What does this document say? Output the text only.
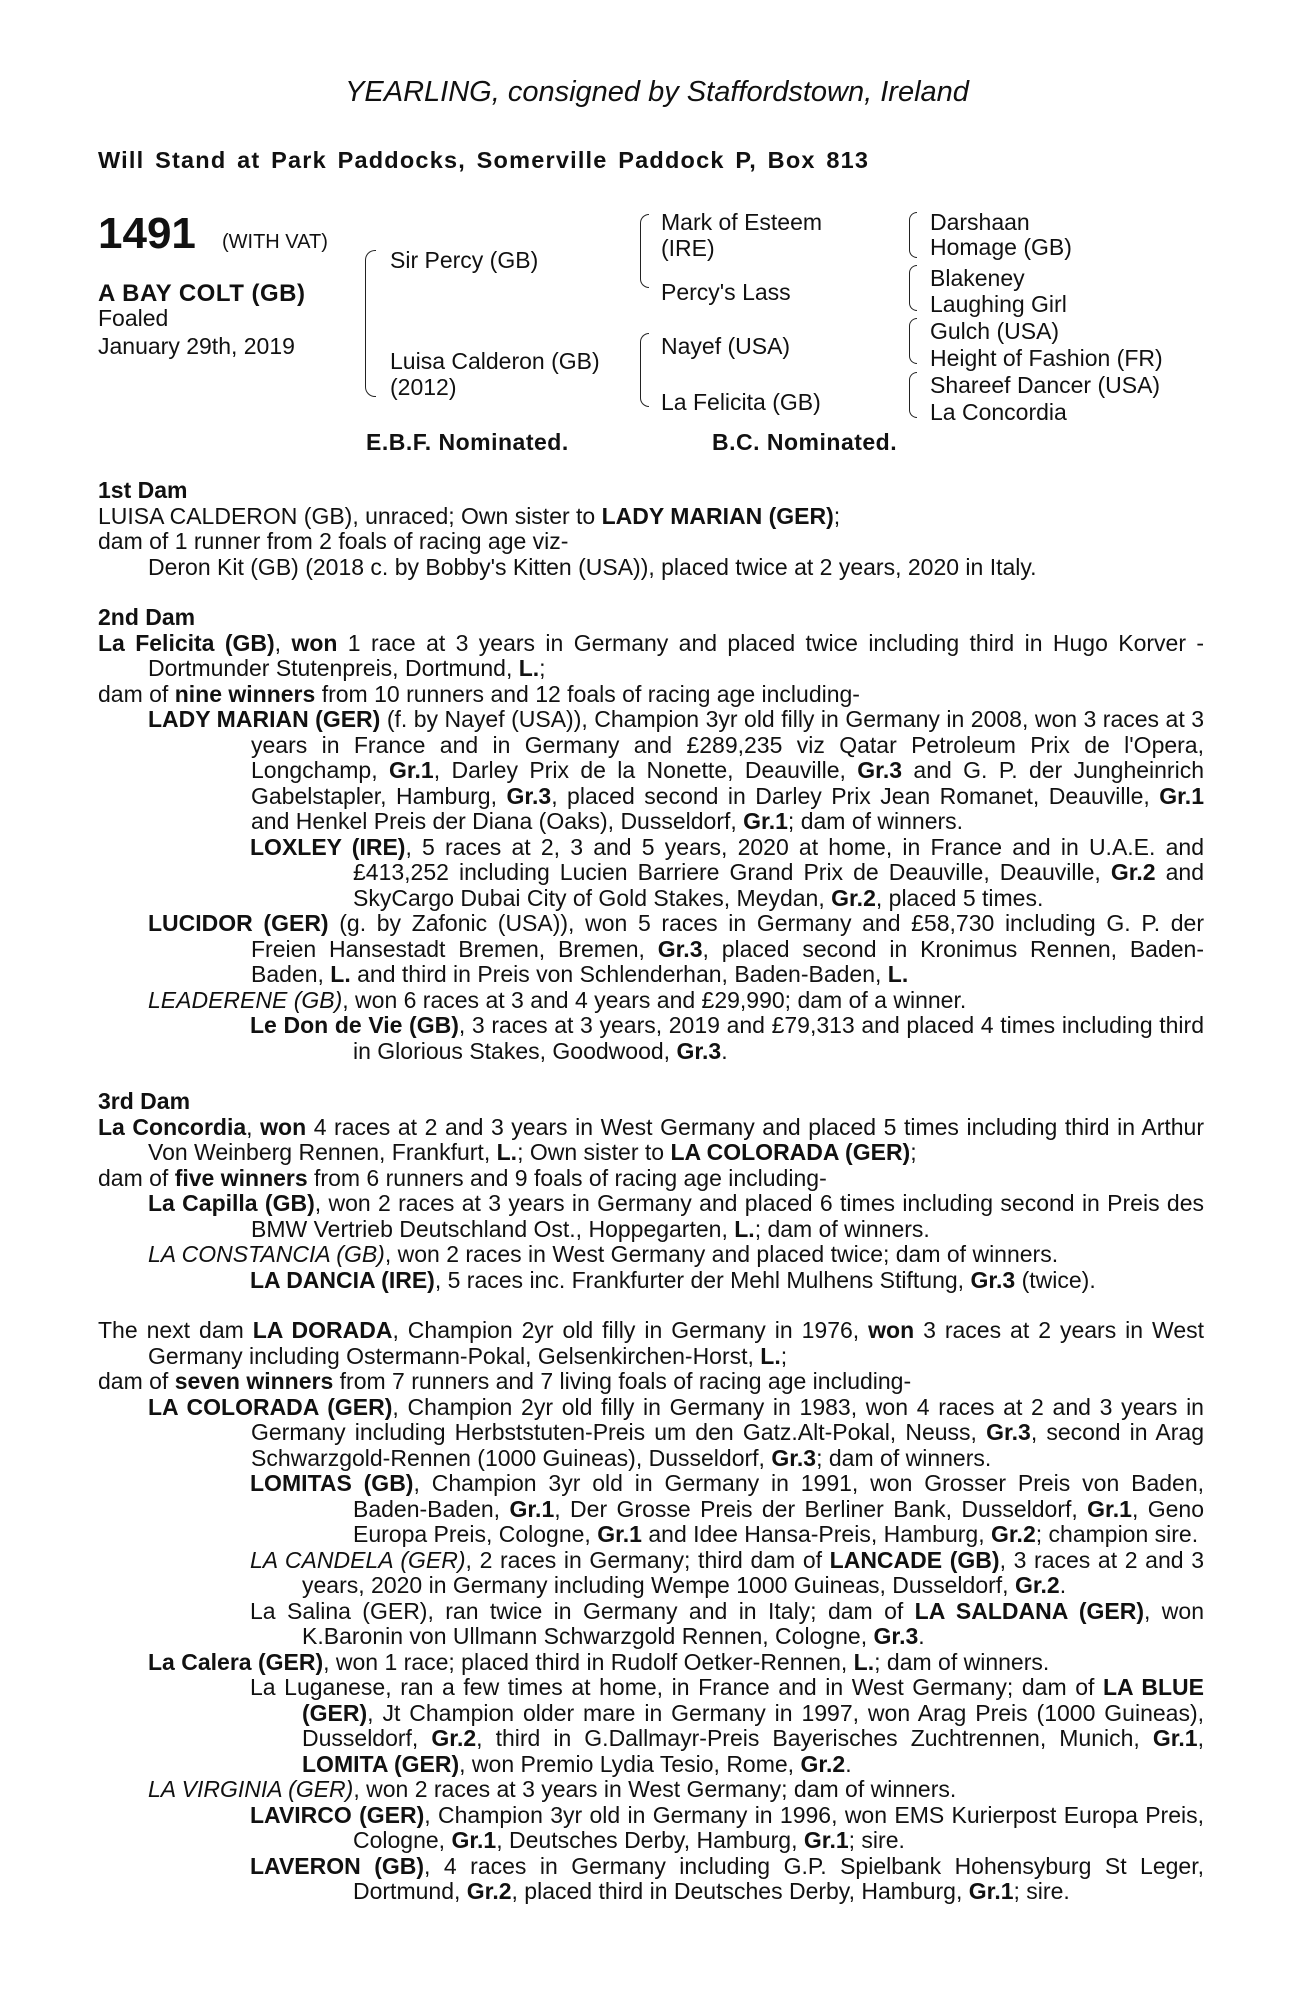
YEARLING, consigned by Staffordstown, Ireland
Will Stand at Park Paddocks, Somerville Paddock P, Box 813
1491 (WITH VAT)
A BAY COLT (GB)
Foaled
January 29th, 2019
Sir Percy (GB)
Luisa Calderon (GB)
(2012)
Mark of Esteem
(IRE)
Percy's Lass
Nayef (USA)
La Felicita (GB)
Darshaan
Homage (GB)
Blakeney
Laughing Girl
Gulch (USA)
Height of Fashion (FR)
Shareef Dancer (USA)
La Concordia
E.B.F. Nominated.	B.C. Nominated.

1st Dam

LUISA CALDERON (GB), unraced; Own sister to LADY MARIAN (GER);

dam of 1 runner from 2 foals of racing age viz-

Deron Kit (GB) (2018 c. by Bobby's Kitten (USA)), placed twice at 2 years, 2020 in Italy.

2nd Dam

La Felicita (GB), won 1 race at 3 years in Germany and placed twice including third in Hugo Korver - Dortmunder Stutenpreis, Dortmund, L.;

dam of nine winners from 10 runners and 12 foals of racing age including-

LADY MARIAN (GER) (f. by Nayef (USA)), Champion 3yr old filly in Germany in 2008, won 3 races at 3 years in France and in Germany and £289,235 viz Qatar Petroleum Prix de l'Opera, Longchamp, Gr.1, Darley Prix de la Nonette, Deauville, Gr.3 and G. P. der Jungheinrich Gabelstapler, Hamburg, Gr.3, placed second in Darley Prix Jean Romanet, Deauville, Gr.1 and Henkel Preis der Diana (Oaks), Dusseldorf, Gr.1; dam of winners.

LOXLEY (IRE), 5 races at 2, 3 and 5 years, 2020 at home, in France and in U.A.E. and £413,252 including Lucien Barriere Grand Prix de Deauville, Deauville, Gr.2 and SkyCargo Dubai City of Gold Stakes, Meydan, Gr.2, placed 5 times.

LUCIDOR (GER) (g. by Zafonic (USA)), won 5 races in Germany and £58,730 including G. P. der Freien Hansestadt Bremen, Bremen, Gr.3, placed second in Kronimus Rennen, Baden-Baden, L. and third in Preis von Schlenderhan, Baden-Baden, L.

LEADERENE (GB), won 6 races at 3 and 4 years and £29,990; dam of a winner.

Le Don de Vie (GB), 3 races at 3 years, 2019 and £79,313 and placed 4 times including third in Glorious Stakes, Goodwood, Gr.3.

3rd Dam

La Concordia, won 4 races at 2 and 3 years in West Germany and placed 5 times including third in Arthur Von Weinberg Rennen, Frankfurt, L.; Own sister to LA COLORADA (GER);

dam of five winners from 6 runners and 9 foals of racing age including-

La Capilla (GB), won 2 races at 3 years in Germany and placed 6 times including second in Preis des BMW Vertrieb Deutschland Ost., Hoppegarten, L.; dam of winners.

LA CONSTANCIA (GB), won 2 races in West Germany and placed twice; dam of winners.

LA DANCIA (IRE), 5 races inc. Frankfurter der Mehl Mulhens Stiftung, Gr.3 (twice).

The next dam LA DORADA, Champion 2yr old filly in Germany in 1976, won 3 races at 2 years in West Germany including Ostermann-Pokal, Gelsenkirchen-Horst, L.;

dam of seven winners from 7 runners and 7 living foals of racing age including-

LA COLORADA (GER), Champion 2yr old filly in Germany in 1983, won 4 races at 2 and 3 years in Germany including Herbststuten-Preis um den Gatz.Alt-Pokal, Neuss, Gr.3, second in Arag Schwarzgold-Rennen (1000 Guineas), Dusseldorf, Gr.3; dam of winners.

LOMITAS (GB), Champion 3yr old in Germany in 1991, won Grosser Preis von Baden, Baden-Baden, Gr.1, Der Grosse Preis der Berliner Bank, Dusseldorf, Gr.1, Geno Europa Preis, Cologne, Gr.1 and Idee Hansa-Preis, Hamburg, Gr.2; champion sire.

LA CANDELA (GER), 2 races in Germany; third dam of LANCADE (GB), 3 races at 2 and 3 years, 2020 in Germany including Wempe 1000 Guineas, Dusseldorf, Gr.2.

La Salina (GER), ran twice in Germany and in Italy; dam of LA SALDANA (GER), won K.Baronin von Ullmann Schwarzgold Rennen, Cologne, Gr.3.

La Calera (GER), won 1 race; placed third in Rudolf Oetker-Rennen, L.; dam of winners.

La Luganese, ran a few times at home, in France and in West Germany; dam of LA BLUE (GER), Jt Champion older mare in Germany in 1997, won Arag Preis (1000 Guineas), Dusseldorf, Gr.2, third in G.Dallmayr-Preis Bayerisches Zuchtrennen, Munich, Gr.1, LOMITA (GER), won Premio Lydia Tesio, Rome, Gr.2.

LA VIRGINIA (GER), won 2 races at 3 years in West Germany; dam of winners.

LAVIRCO (GER), Champion 3yr old in Germany in 1996, won EMS Kurierpost Europa Preis, Cologne, Gr.1, Deutsches Derby, Hamburg, Gr.1; sire.

LAVERON (GB), 4 races in Germany including G.P. Spielbank Hohensyburg St Leger, Dortmund, Gr.2, placed third in Deutsches Derby, Hamburg, Gr.1; sire.
